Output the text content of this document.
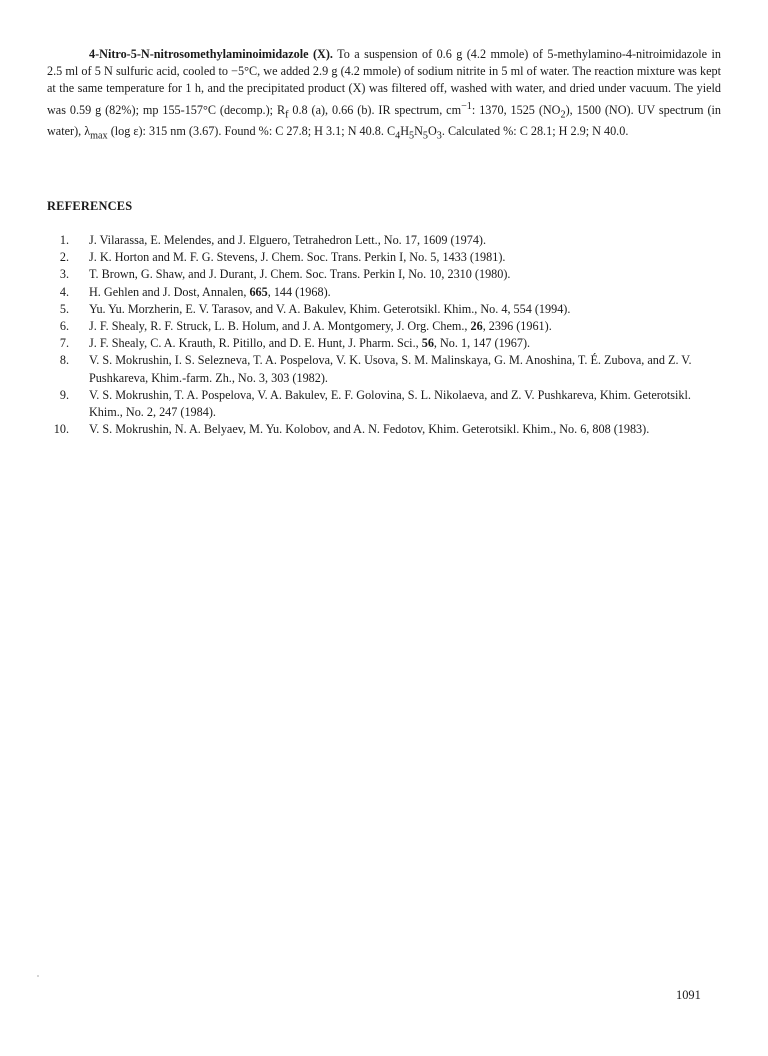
4-Nitro-5-N-nitrosomethylaminoimidazole (X). To a suspension of 0.6 g (4.2 mmole) of 5-methylamino-4-nitroimidazole in 2.5 ml of 5 N sulfuric acid, cooled to −5°C, we added 2.9 g (4.2 mmole) of sodium nitrite in 5 ml of water. The reaction mixture was kept at the same temperature for 1 h, and the precipitated product (X) was filtered off, washed with water, and dried under vacuum. The yield was 0.59 g (82%); mp 155-157°C (decomp.); $R_f$ 0.8 (a), 0.66 (b). IR spectrum, $cm^{-1}$: 1370, 1525 $(NO_2)$, 1500 (NO). UV spectrum (in water), $\lambda_{max}$ (log ε): 315 nm (3.67). Found %: C 27.8; H 3.1; N 40.8. $C_4H_5N_5O_3$. Calculated %: C 28.1; H 2.9; N 40.0.

REFERENCES
1. J. Vilarassa, E. Melendes, and J. Elguero, Tetrahedron Lett., No. 17, 1609 (1974).
2. J. K. Horton and M. F. G. Stevens, J. Chem. Soc. Trans. Perkin I, No. 5, 1433 (1981).
3. T. Brown, G. Shaw, and J. Durant, J. Chem. Soc. Trans. Perkin I, No. 10, 2310 (1980).
4. H. Gehlen and J. Dost, Annalen, 665, 144 (1968).
5. Yu. Yu. Morzherin, E. V. Tarasov, and V. A. Bakulev, Khim. Geterotsikl. Khim., No. 4, 554 (1994).
6. J. F. Shealy, R. F. Struck, L. B. Holum, and J. A. Montgomery, J. Org. Chem., 26, 2396 (1961).
7. J. F. Shealy, C. A. Krauth, R. Pitillo, and D. E. Hunt, J. Pharm. Sci., 56, No. 1, 147 (1967).
8. V. S. Mokrushin, I. S. Selezneva, T. A. Pospelova, V. K. Usova, S. M. Malinskaya, G. M. Anoshina, T. É. Zubova, and Z. V. Pushkareva, Khim.-farm. Zh., No. 3, 303 (1982).
9. V. S. Mokrushin, T. A. Pospelova, V. A. Bakulev, E. F. Golovina, S. L. Nikolaeva, and Z. V. Pushkareva, Khim. Geterotsikl. Khim., No. 2, 247 (1984).
10. V. S. Mokrushin, N. A. Belyaev, M. Yu. Kolobov, and A. N. Fedotov, Khim. Geterotsikl. Khim., No. 6, 808 (1983).

1091
